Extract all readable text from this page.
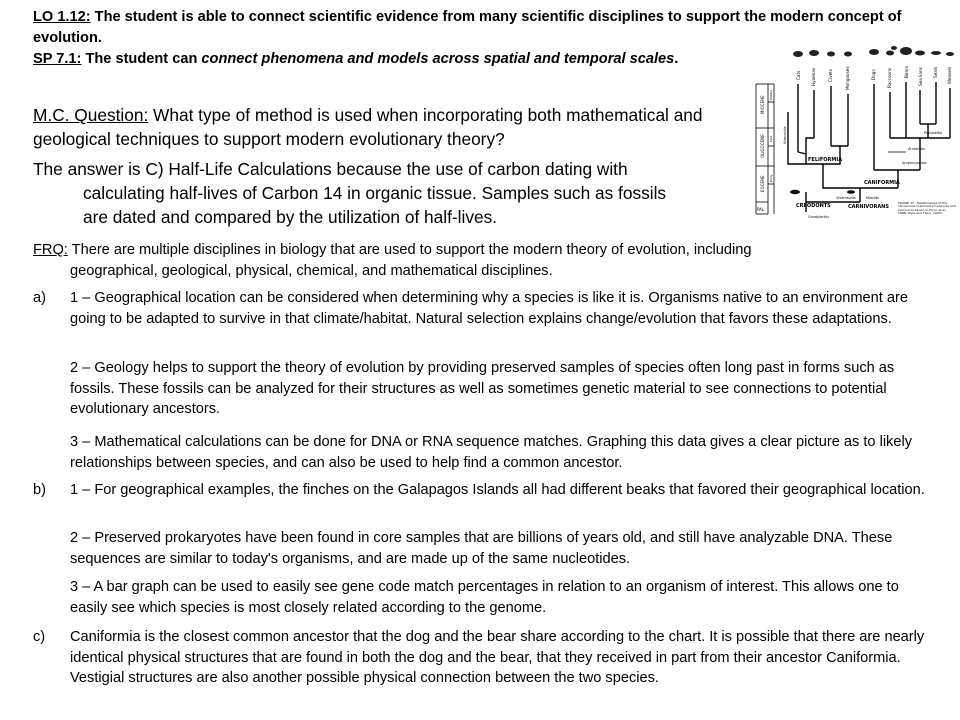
LO 1.12: The student is able to connect scientific evidence from many scientific disciplines to support the modern concept of evolution.
SP 7.1: The student can connect phenomena and models across spatial and temporal scales.
M.C. Question: What type of method is used when incorporating both mathematical and geological techniques to support modern evolutionary theory?
The answer is C) Half-Life Calculations because the use of carbon dating with
calculating half-lives of Carbon 14 in organic tissue. Samples such as fossils are dated and compared by the utilization of half-lives.
FRQ: There are multiple disciplines in biology that are used to support the modern theory of evolution, including
geographical, geological, physical, chemical, and mathematical disciplines.
a) 1 – Geographical location can be considered when determining why a species is like it is. Organisms native to an environment are going to be adapted to survive in that climate/habitat. Natural selection explains change/evolution that favors these adaptations.
2 – Geology helps to support the theory of evolution by providing preserved samples of species often long past in forms such as fossils. These fossils can be analyzed for their structures as well as sometimes genetic material to see connections to potential evolutionary ancestors.
3 – Mathematical calculations can be done for DNA or RNA sequence matches. Graphing this data gives a clear picture as to likely relationships between species, and can also be used to help find a common ancestor.
b) 1 – For geographical examples, the finches on the Galapagos Islands all had different beaks that favored their geographical location.
2 – Preserved prokaryotes have been found in core samples that are billions of years old, and still have analyzable DNA. These sequences are similar to today's organisms, and are made up of the same nucleotides.
3 – A bar graph can be used to easily see gene code match percentages in relation to an organism of interest. This allows one to easily see which species is most closely related according to the genome.
c) Caniformia is the closest common ancestor that the dog and the bear share according to the chart. It is possible that there are nearly identical physical structures that are found in both the dog and the bear, that they received in part from their ancestor Caniformia. Vestigial structures are also another possible physical connection between the two species.
MIOCENE
OLIGOCENE
EOCENE
PAL.
Late
Middle
Early
Cats Hyaenas	Civets	Mongooses	Dogs	Raccoons	Bears Sea lions Seals Weasels
FELIFORMIA
CANIFORMIA
CARNIVORANS
CREODONTS
Viverravids	Miacids
Nimravids
Arctoidea
Amphicyonids
Pinnipedia
Condylarths
FIGURE 11 – Relationships of the carnivorous mammals (Creodonta and Carnivora) based on Flynn et al., 1988; Wyss and Flynn, 1993).
